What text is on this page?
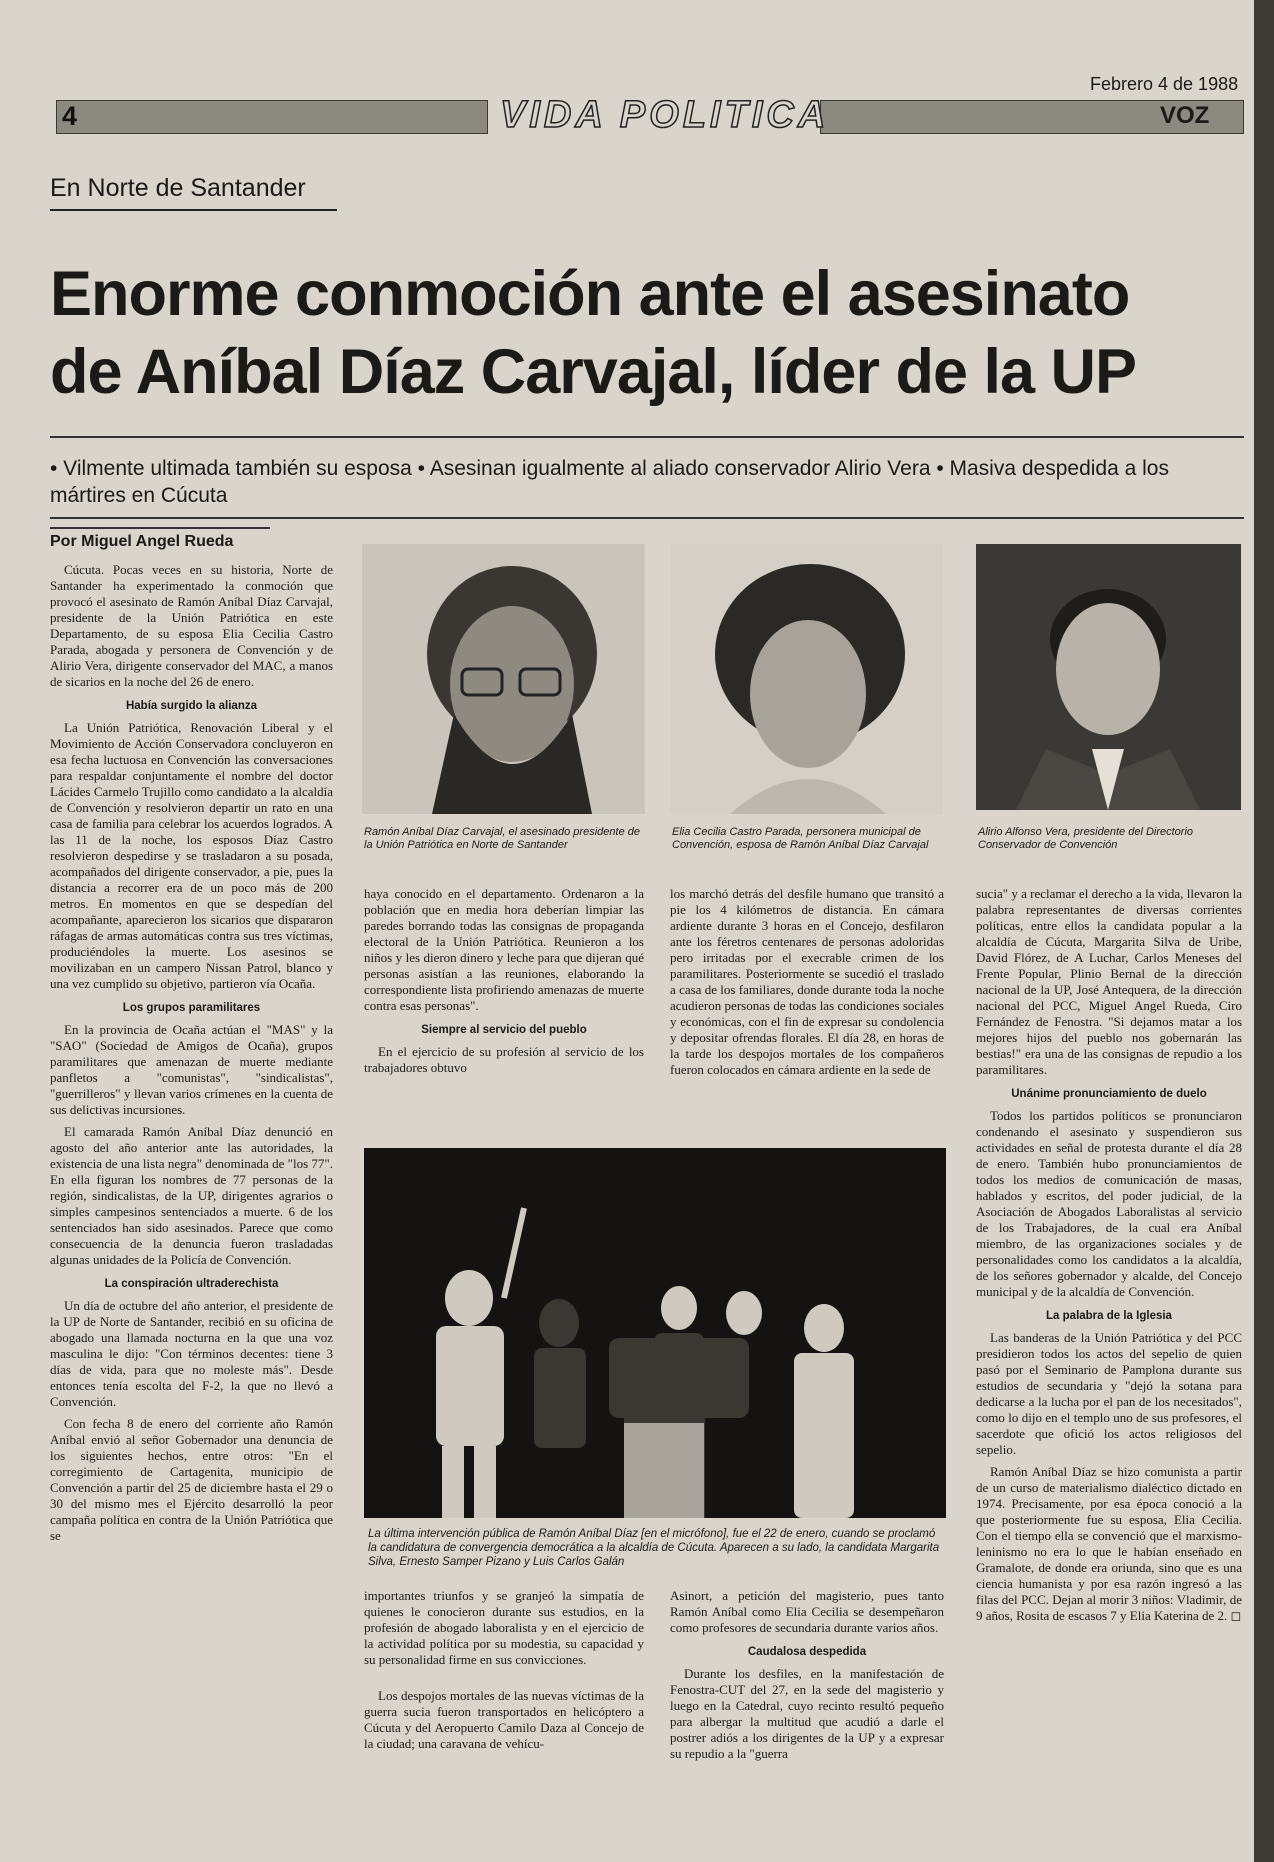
Febrero 4 de 1988
4	VIDA POLITICA	VOZ
En Norte de Santander
Enorme conmoción ante el asesinato
de Aníbal Díaz Carvajal, líder de la UP
• Vilmente ultimada también su esposa • Asesinan igualmente al aliado conservador Alirio Vera • Masiva despedida a los mártires en Cúcuta
Por Miguel Angel Rueda

Cúcuta. Pocas veces en su historia, Norte de Santander ha experimentado la conmoción que provocó el asesinato de Ramón Aníbal Díaz Carvajal, presidente de la Unión Patriótica en este Departamento, de su esposa Elia Cecilia Castro Parada, abogada y personera de Convención y de Alirio Vera, dirigente conservador del MAC, a manos de sicarios en la noche del 26 de enero.

Había surgido la alianza

La Unión Patriótica, Renovación Liberal y el Movimiento de Acción Conservadora concluyeron en esa fecha luctuosa en Convención las conversaciones para respaldar conjuntamente el nombre del doctor Lácides Carmelo Trujillo como candidato a la alcaldía de Convención y resolvieron departir un rato en una casa de familia para celebrar los acuerdos logrados. A las 11 de la noche, los esposos Díaz Castro resolvieron despedirse y se trasladaron a su posada, acompañados del dirigente conservador, a pie, pues la distancia a recorrer era de un poco más de 200 metros. En momentos en que se despedían del acompañante, aparecieron los sicarios que dispararon ráfagas de armas automáticas contra sus tres víctimas, produciéndoles la muerte. Los asesinos se movilizaban en un campero Nissan Patrol, blanco y una vez cumplido su objetivo, partieron vía Ocaña.

Los grupos paramilitares

En la provincia de Ocaña actúan el "MAS" y la "SAO" (Sociedad de Amigos de Ocaña), grupos paramilitares que amenazan de muerte mediante panfletos a "comunistas", "sindicalistas", "guerrilleros" y llevan varios crímenes en la cuenta de sus delictivas incursiones.

El camarada Ramón Aníbal Díaz denunció en agosto del año anterior ante las autoridades, la existencia de una lista negra" denominada de "los 77". En ella figuran los nombres de 77 personas de la región, sindicalistas, de la UP, dirigentes agrarios o simples campesinos sentenciados a muerte. 6 de los sentenciados han sido asesinados. Parece que como consecuencia de la denuncia fueron trasladadas algunas unidades de la Policía de Convención.

La conspiración ultraderechista

Un día de octubre del año anterior, el presidente de la UP de Norte de Santander, recibió en su oficina de abogado una llamada nocturna en la que una voz masculina le dijo: "Con términos decentes: tiene 3 días de vida, para que no moleste más". Desde entonces tenía escolta del F-2, la que no llevó a Convención.

Con fecha 8 de enero del corriente año Ramón Aníbal envió al señor Gobernador una denuncia de los siguientes hechos, entre otros: "En el corregimiento de Cartagenita, municipio de Convención a partir del 25 de diciembre hasta el 29 o 30 del mismo mes el Ejército desarrolló la peor campaña política en contra de la Unión Patriótica que se

Ramón Aníbal Díaz Carvajal, el asesinado presidente de la Unión Patriótica en Norte de Santander
Elia Cecilia Castro Parada, personera municipal de Convención, esposa de Ramón Aníbal Díaz Carvajal
Alirio Alfonso Vera, presidente del Directorio Conservador de Convención

haya conocido en el departamento. Ordenaron a la población que en media hora deberían limpiar las paredes borrando todas las consignas de propaganda electoral de la Unión Patriótica. Reunieron a los niños y les dieron dinero y leche para que dijeran qué personas asistían a las reuniones, elaborando la correspondiente lista profiriendo amenazas de muerte contra esas personas".

Siempre al servicio del pueblo

En el ejercicio de su profesión al servicio de los trabajadores obtuvo

los marchó detrás del desfile humano que transitó a pie los 4 kilómetros de distancia. En cámara ardiente durante 3 horas en el Concejo, desfilaron ante los féretros centenares de personas adoloridas pero irritadas por el execrable crimen de los paramilitares. Posteriormente se sucedió el traslado a casa de los familiares, donde durante toda la noche acudieron personas de todas las condiciones sociales y económicas, con el fin de expresar su condolencia y depositar ofrendas florales. El día 28, en horas de la tarde los despojos mortales de los compañeros fueron colocados en cámara ardiente en la sede de

La última intervención pública de Ramón Aníbal Díaz [en el micrófono], fue el 22 de enero, cuando se proclamó la candidatura de convergencia democrática a la alcaldía de Cúcuta. Aparecen a su lado, la candidata Margarita Silva, Ernesto Samper Pizano y Luis Carlos Galán

importantes triunfos y se granjeó la simpatía de quienes le conocieron durante sus estudios, en la profesión de abogado laboralista y en el ejercicio de la actividad política por su modestia, su capacidad y su personalidad firme en sus convicciones.

Los despojos mortales de las nuevas víctimas de la guerra sucia fueron transportados en helicóptero a Cúcuta y del Aeropuerto Camilo Daza al Concejo de la ciudad; una caravana de vehícu-

Asinort, a petición del magisterio, pues tanto Ramón Aníbal como Elia Cecilia se desempeñaron como profesores de secundaria durante varios años.

Caudalosa despedida

Durante los desfiles, en la manifestación de Fenostra-CUT del 27, en la sede del magisterio y luego en la Catedral, cuyo recinto resultó pequeño para albergar la multitud que acudió a darle el postrer adiós a los dirigentes de la UP y a expresar su repudio a la "guerra

sucia" y a reclamar el derecho a la vida, llevaron la palabra representantes de diversas corrientes políticas, entre ellos la candidata popular a la alcaldía de Cúcuta, Margarita Silva de Uribe, David Flórez, de A Luchar, Carlos Meneses del Frente Popular, Plinio Bernal de la dirección nacional de la UP, José Antequera, de la dirección nacional del PCC, Miguel Angel Rueda, Ciro Fernández de Fenostra. "Si dejamos matar a los mejores hijos del pueblo nos gobernarán las bestias!" era una de las consignas de repudio a los paramilitares.

Unánime pronunciamiento de duelo

Todos los partidos políticos se pronunciaron condenando el asesinato y suspendieron sus actividades en señal de protesta durante el día 28 de enero. También hubo pronunciamientos de todos los medios de comunicación de masas, hablados y escritos, del poder judicial, de la Asociación de Abogados Laboralistas al servicio de los Trabajadores, de la cual era Aníbal miembro, de las organizaciones sociales y de personalidades como los candidatos a la alcaldía, de los señores gobernador y alcalde, del Concejo municipal y de la alcaldía de Convención.

La palabra de la Iglesia

Las banderas de la Unión Patriótica y del PCC presidieron todos los actos del sepelio de quien pasó por el Seminario de Pamplona durante sus estudios de secundaria y "dejó la sotana para dedicarse a la lucha por el pan de los necesitados", como lo dijo en el templo uno de sus profesores, el sacerdote que ofició los actos religiosos del sepelio.

Ramón Aníbal Díaz se hizo comunista a partir de un curso de materialismo dialéctico dictado en 1974. Precisamente, por esa época conoció a la que posteriormente fue su esposa, Elia Cecilia. Con el tiempo ella se convenció que el marxismo-leninismo no era lo que le habían enseñado en Gramalote, de donde era oriunda, sino que es una ciencia humanista y por esa razón ingresó a las filas del PCC. Dejan al morir 3 niños: Vladimir, de 9 años, Rosita de escasos 7 y Elia Katerina de 2. ◻
